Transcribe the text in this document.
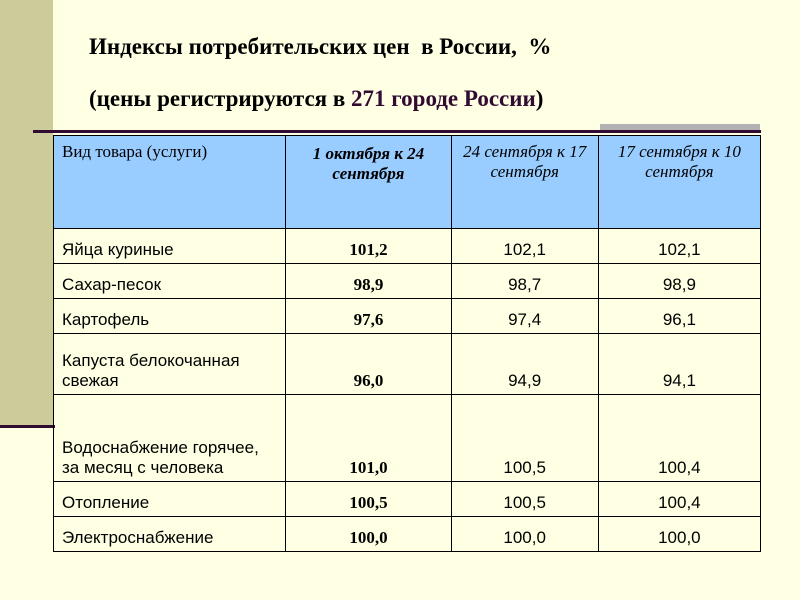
Индексы потребительских цен  в России,  %
(цены регистрируются в 271 городе России)
Вид товара (услуги)	1 октября к 24 сентября	24 сентября к 17 сентября	17 сентября к 10 сентября
Яйца куриные	101,2	102,1	102,1
Сахар-песок	98,9	98,7	98,9
Картофель	97,6	97,4	96,1
Капуста белокочанная свежая	96,0	94,9	94,1
Водоснабжение горячее, за месяц с человека	101,0	100,5	100,4
Отопление	100,5	100,5	100,4
Электроснабжение	100,0	100,0	100,0
